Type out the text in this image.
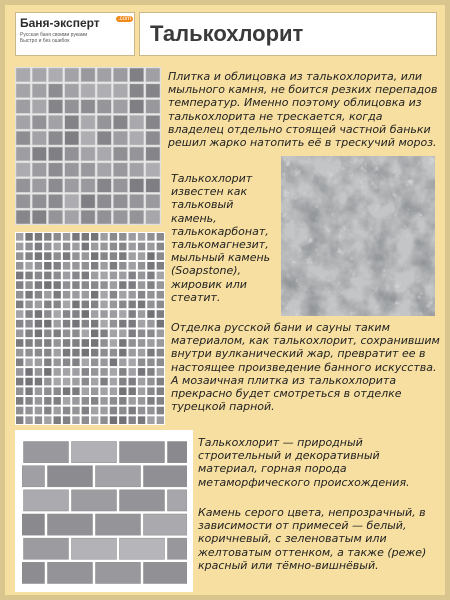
Баня-эксперт	.com
Русская баня своими руками
Быстро и без ошибок	Талькохлорит
Плитка и облицовка из талькохлорита, или мыльного камня, не боится резких перепадов температур. Именно поэтому облицовка из талькохлорита не трескается, когда владелец отдельно стоящей частной баньки решил жарко натопить её в трескучий мороз.
Талькохлорит известен как тальковый камень, талькокарбонат, талькомагнезит, мыльный камень (Soapstone), жировик или стеатит.
Отделка русской бани и сауны таким материалом, как талькохлорит, сохранившим внутри вулканический жар, превратит ее в настоящее произведение банного искусства. А мозаичная плитка из талькохлорита прекрасно будет смотреться в отделке турецкой парной.
Талькохлорит — природный строительный и декоративный материал, горная порода метаморфического происхождения.
Камень серого цвета, непрозрачный, в зависимости от примесей — белый, коричневый, с зеленоватым или желтоватым оттенком, а также (реже) красный или тёмно-вишнёвый.
